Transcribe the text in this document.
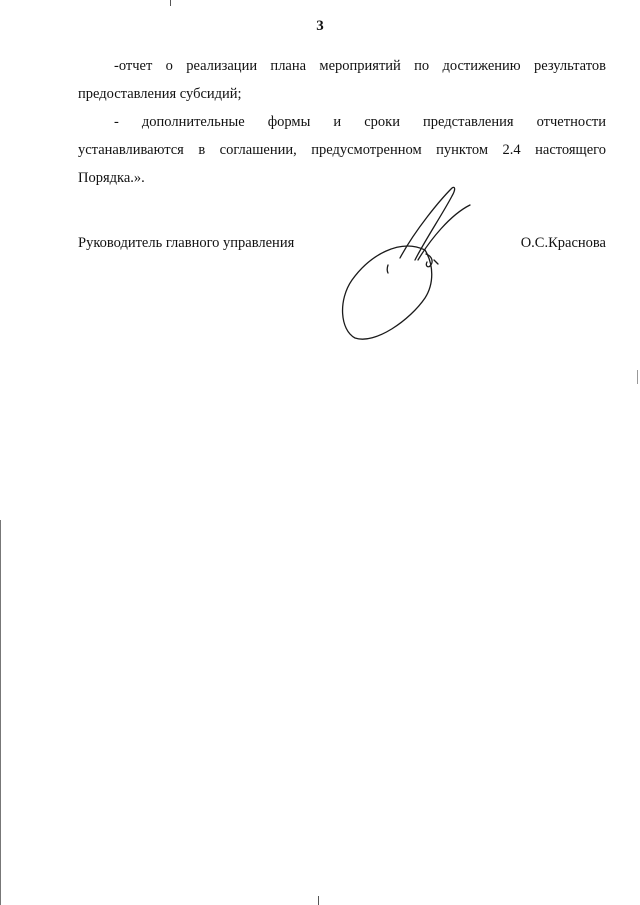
3

-отчет о реализации плана мероприятий по достижению результатов

предоставления субсидий;

- дополнительные формы и сроки представления отчетности

устанавливаются в соглашении, предусмотренном пунктом 2.4 настоящего

Порядка.».

Руководитель главного управления	О.С.Краснова
